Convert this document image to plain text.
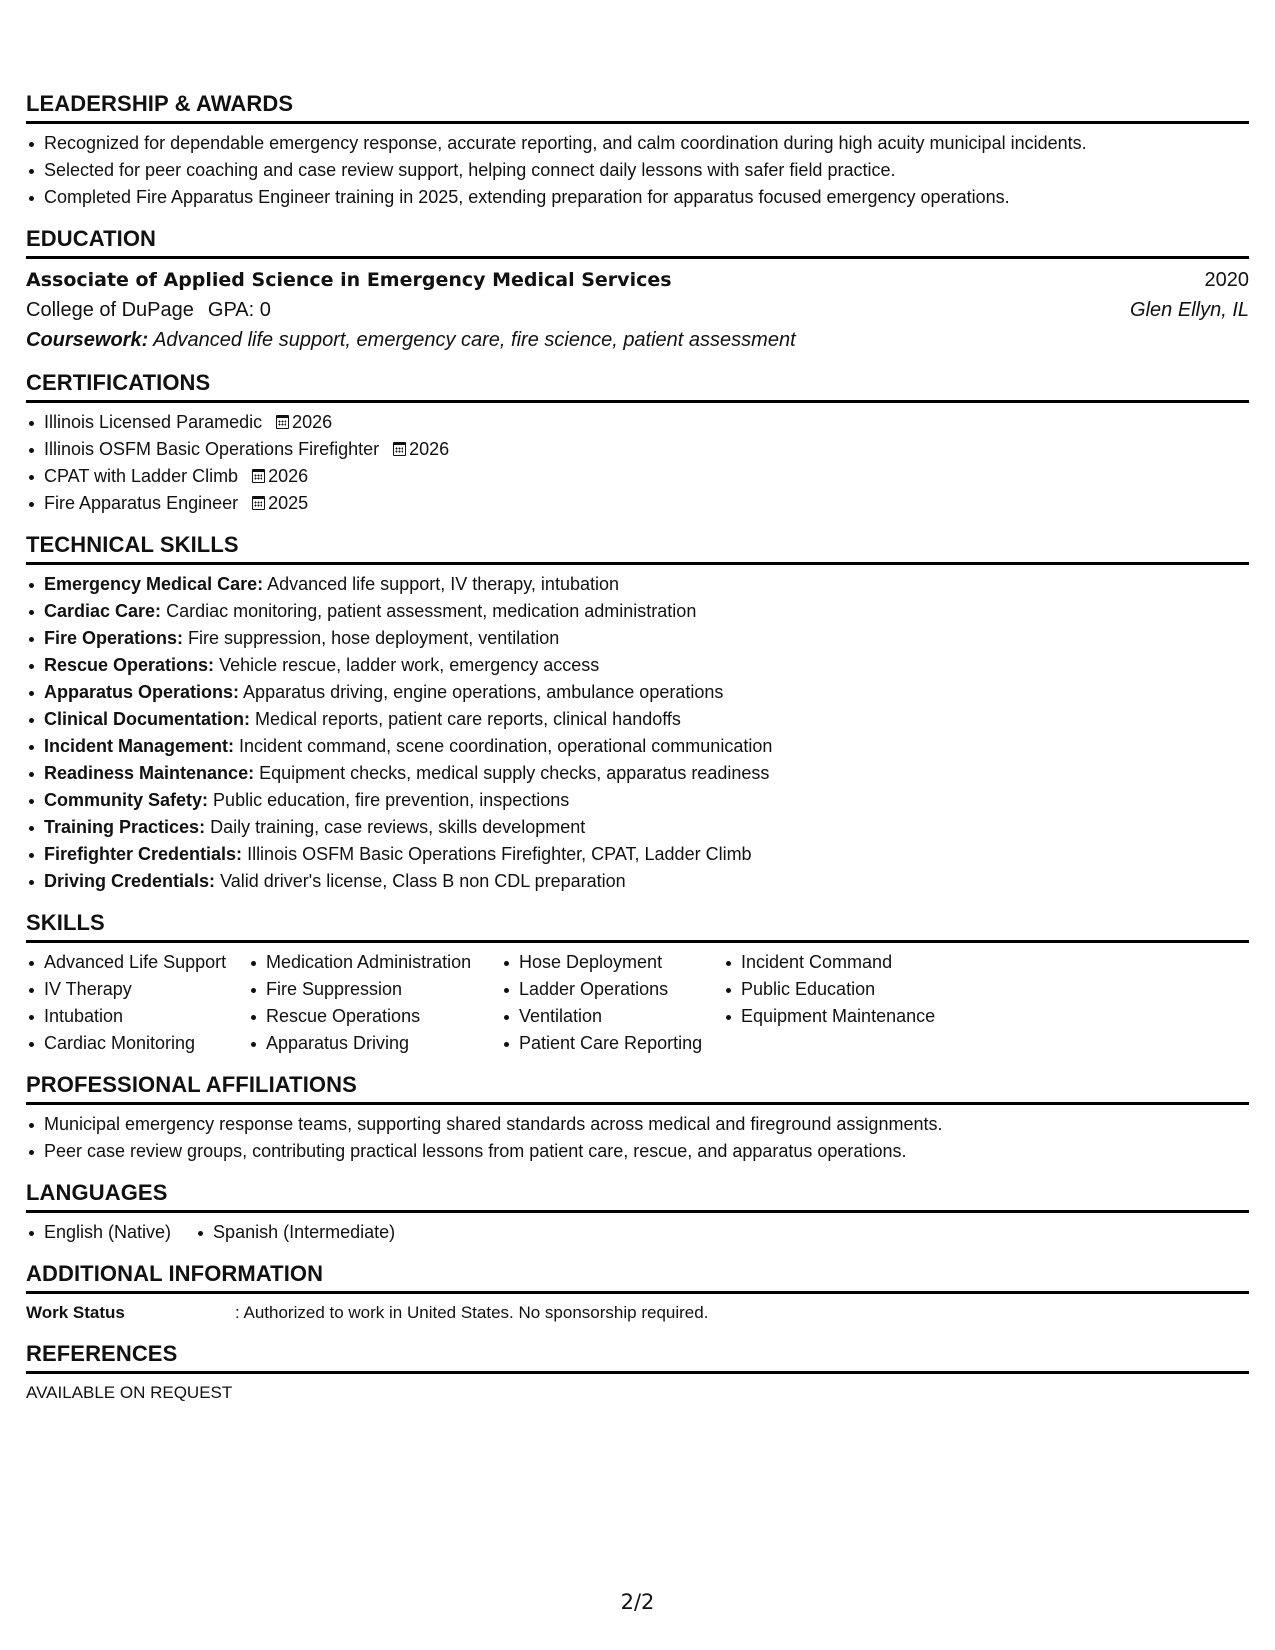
LEADERSHIP & AWARDS
Recognized for dependable emergency response, accurate reporting, and calm coordination during high acuity municipal incidents.
Selected for peer coaching and case review support, helping connect daily lessons with safer field practice.
Completed Fire Apparatus Engineer training in 2025, extending preparation for apparatus focused emergency operations.
EDUCATION
Associate of Applied Science in Emergency Medical Services	2020
College of DuPage GPA: 0	Glen Ellyn, IL
Coursework: Advanced life support, emergency care, fire science, patient assessment
CERTIFICATIONS
Illinois Licensed Paramedic 2026
Illinois OSFM Basic Operations Firefighter 2026
CPAT with Ladder Climb 2026
Fire Apparatus Engineer 2025
TECHNICAL SKILLS
Emergency Medical Care: Advanced life support, IV therapy, intubation
Cardiac Care: Cardiac monitoring, patient assessment, medication administration
Fire Operations: Fire suppression, hose deployment, ventilation
Rescue Operations: Vehicle rescue, ladder work, emergency access
Apparatus Operations: Apparatus driving, engine operations, ambulance operations
Clinical Documentation: Medical reports, patient care reports, clinical handoffs
Incident Management: Incident command, scene coordination, operational communication
Readiness Maintenance: Equipment checks, medical supply checks, apparatus readiness
Community Safety: Public education, fire prevention, inspections
Training Practices: Daily training, case reviews, skills development
Firefighter Credentials: Illinois OSFM Basic Operations Firefighter, CPAT, Ladder Climb
Driving Credentials: Valid driver's license, Class B non CDL preparation
SKILLS
Advanced Life Support
IV Therapy
Intubation
Cardiac Monitoring
Medication Administration
Fire Suppression
Rescue Operations
Apparatus Driving
Hose Deployment
Ladder Operations
Ventilation
Patient Care Reporting
Incident Command
Public Education
Equipment Maintenance
PROFESSIONAL AFFILIATIONS
Municipal emergency response teams, supporting shared standards across medical and fireground assignments.
Peer case review groups, contributing practical lessons from patient care, rescue, and apparatus operations.
LANGUAGES
English (Native)	Spanish (Intermediate)
ADDITIONAL INFORMATION
Work Status	: Authorized to work in United States. No sponsorship required.
REFERENCES
AVAILABLE ON REQUEST
2/2
